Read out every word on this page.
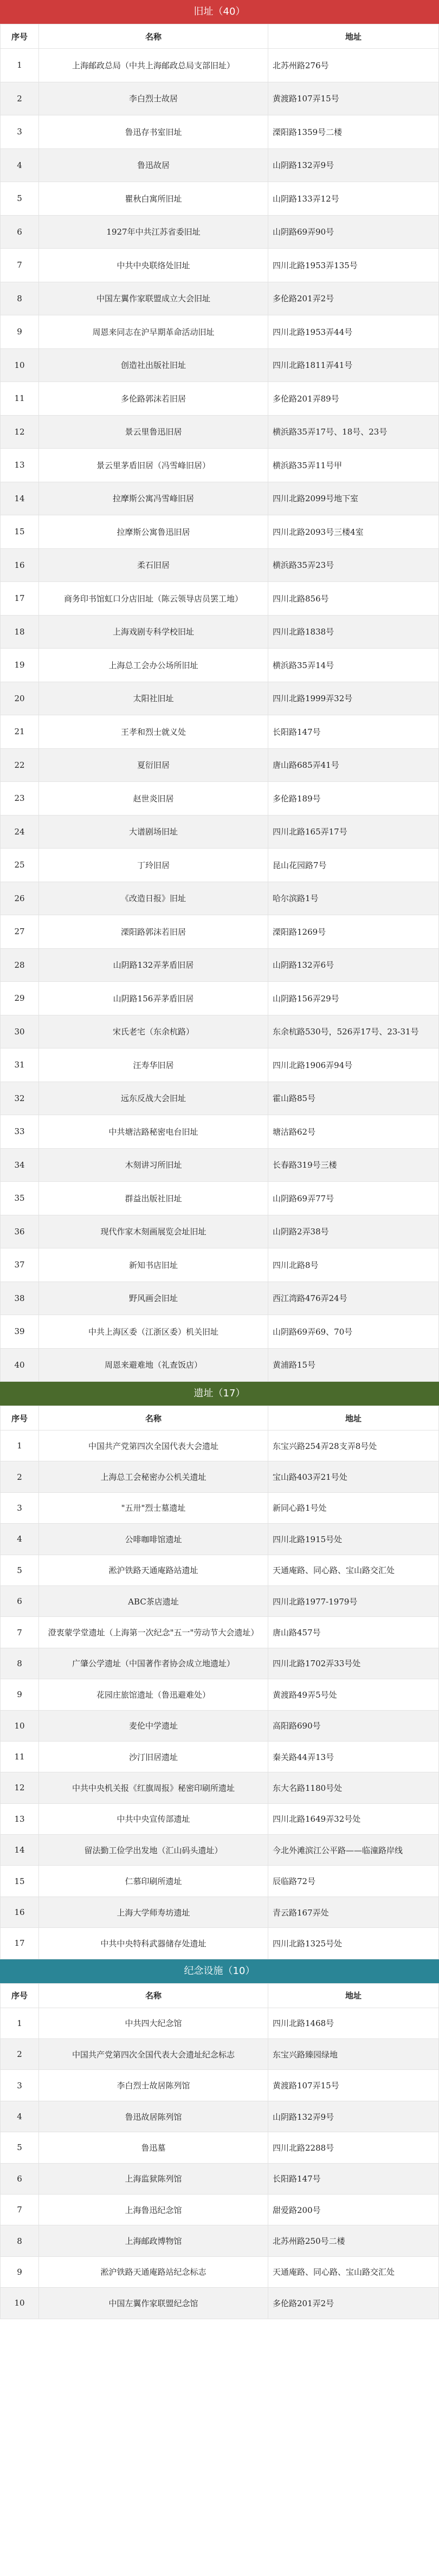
旧址（40）
序号	名称	地址
1	上海邮政总局（中共上海邮政总局支部旧址）	北苏州路276号
2	李白烈士故居	黄渡路107弄15号
3	鲁迅存书室旧址	溧阳路1359号二楼
4	鲁迅故居	山阴路132弄9号
5	瞿秋白寓所旧址	山阴路133弄12号
6	1927年中共江苏省委旧址	山阴路69弄90号
7	中共中央联络处旧址	四川北路1953弄135号
8	中国左翼作家联盟成立大会旧址	多伦路201弄2号
9	周恩来同志在沪早期革命活动旧址	四川北路1953弄44号
10	创造社出版社旧址	四川北路1811弄41号
11	多伦路郭沫若旧居	多伦路201弄89号
12	景云里鲁迅旧居	横浜路35弄17号、18号、23号
13	景云里茅盾旧居（冯雪峰旧居）	横浜路35弄11号甲
14	拉摩斯公寓冯雪峰旧居	四川北路2099号地下室
15	拉摩斯公寓鲁迅旧居	四川北路2093号三楼4室
16	柔石旧居	横浜路35弄23号
17	商务印书馆虹口分店旧址（陈云领导店员罢工地）	四川北路856号
18	上海戏剧专科学校旧址	四川北路1838号
19	上海总工会办公场所旧址	横浜路35弄14号
20	太阳社旧址	四川北路1999弄32号
21	王孝和烈士就义处	长阳路147号
22	夏衍旧居	唐山路685弄41号
23	赵世炎旧居	多伦路189号
24	大谱剧场旧址	四川北路165弄17号
25	丁玲旧居	昆山花园路7号
26	《改造日报》旧址	哈尔滨路1号
27	溧阳路郭沫若旧居	溧阳路1269号
28	山阴路132弄茅盾旧居	山阴路132弄6号
29	山阴路156弄茅盾旧居	山阴路156弄29号
30	宋氏老宅（东余杭路）	东余杭路530号，526弄17号、23-31号
31	汪寿华旧居	四川北路1906弄94号
32	远东反战大会旧址	霍山路85号
33	中共塘沽路秘密电台旧址	塘沽路62号
34	木刻讲习所旧址	长春路319号三楼
35	群益出版社旧址	山阴路69弄77号
36	现代作家木刻画展览会址旧址	山阴路2弄38号
37	新知书店旧址	四川北路8号
38	野风画会旧址	西江湾路476弄24号
39	中共上海区委（江浙区委）机关旧址	山阴路69弄69、70号
40	周恩来避难地（礼查饭店）	黄浦路15号
遗址（17）
序号	名称	地址
1	中国共产党第四次全国代表大会遗址	东宝兴路254弄28支弄8号处
2	上海总工会秘密办公机关遗址	宝山路403弄21号处
3	"五卅"烈士墓遗址	新同心路1号处
4	公啡咖啡馆遗址	四川北路1915号处
5	淞沪铁路天通庵路站遗址	天通庵路、同心路、宝山路交汇处
6	ABC茶店遗址	四川北路1977-1979号
7	澄衷蒙学堂遗址（上海第一次纪念"五一"劳动节大会遗址）	唐山路457号
8	广肇公学遗址（中国著作者协会成立地遗址）	四川北路1702弄33号处
9	花园庄旅馆遗址（鲁迅避难处）	黄渡路49弄5号处
10	麦伦中学遗址	高阳路690号
11	沙汀旧居遗址	秦关路44弄13号
12	中共中央机关报《红旗周报》秘密印刷所遗址	东大名路1180号处
13	中共中央宣传部遗址	四川北路1649弄32号处
14	留法勤工俭学出发地（汇山码头遗址）	今北外滩滨江公平路——临潼路岸线
15	仁慕印刷所遗址	辰临路72号
16	上海大学师寿坊遗址	青云路167弄处
17	中共中央特科武器储存处遗址	四川北路1325号处
纪念设施（10）
序号	名称	地址
1	中共四大纪念馆	四川北路1468号
2	中国共产党第四次全国代表大会遗址纪念标志	东宝兴路臻园绿地
3	李白烈士故居陈列馆	黄渡路107弄15号
4	鲁迅故居陈列馆	山阴路132弄9号
5	鲁迅墓	四川北路2288号
6	上海监狱陈列馆	长阳路147号
7	上海鲁迅纪念馆	甜爱路200号
8	上海邮政博物馆	北苏州路250号二楼
9	淞沪铁路天通庵路站纪念标志	天通庵路、同心路、宝山路交汇处
10	中国左翼作家联盟纪念馆	多伦路201弄2号
